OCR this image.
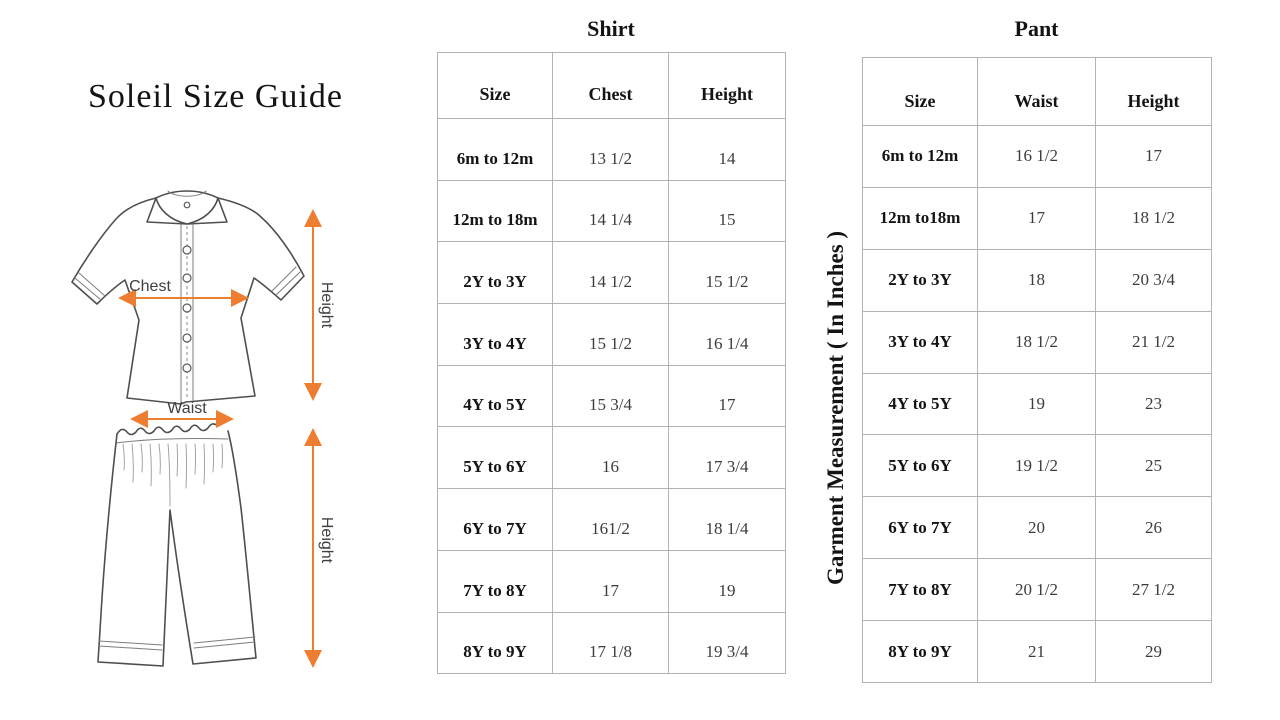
Soleil Size Guide
Chest	Height
Waist
Height
Shirt
Size	Chest	Height
6m to 12m	13 1/2	14
12m to 18m	14 1/4	15
2Y to 3Y	14 1/2	15 1/2
3Y to 4Y	15 1/2	16 1/4
4Y to 5Y	15 3/4	17
5Y to 6Y	16	17 3/4
6Y to 7Y	161/2	18 1/4
7Y to 8Y	17	19
8Y to 9Y	17 1/8	19 3/4
Garment Measurement ( In Inches )
Pant
Size	Waist	Height
6m to 12m	16 1/2	17
12m to18m	17	18 1/2
2Y to 3Y	18	20 3/4
3Y to 4Y	18 1/2	21 1/2
4Y to 5Y	19	23
5Y to 6Y	19 1/2	25
6Y to 7Y	20	26
7Y to 8Y	20 1/2	27 1/2
8Y to 9Y	21	29
